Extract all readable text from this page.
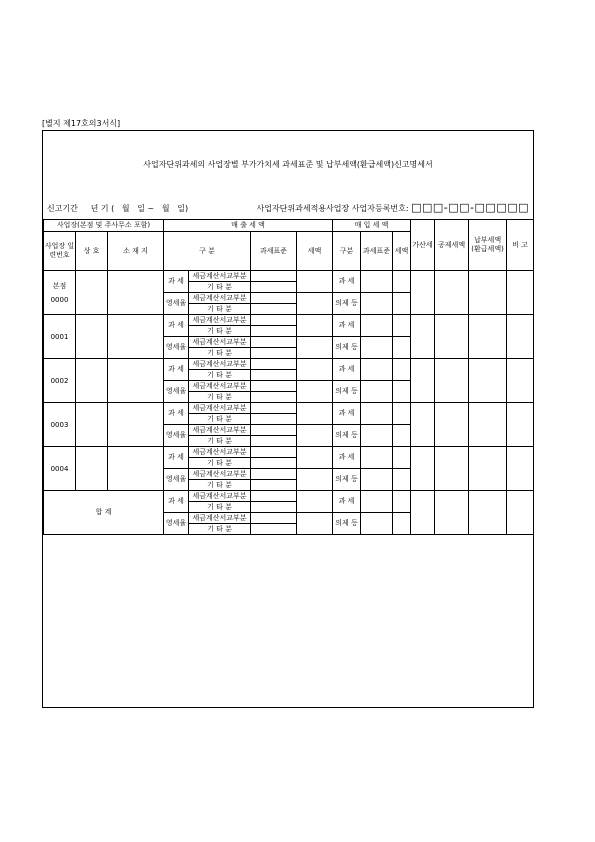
[별지 제17호의3서식]
사업자단위과세의 사업장별 부가가치세 과세표준 및 납부세액(환급세액)신고명세서
신고기간     년 기 (   월   일 ~   월   일)	사업자단위과세적용사업장 사업자등록번호: □□□-□□-□□□□□
사업장(본점 및 주사무소 포함)			매 출 세 액				매 입 세 액			가산세	공제세액	납부세액 (환급세액)	비 고
사업장 일련번호	상 호	소 재 지	구 분		과세표준	세액	구분	과세표준	세액				
본점 0000			과 세	세금계산서교부분			과 세						
				기 타 분									
			영세율	세금계산서교부분			의제 등						
				기 타 분									
0001			과 세	세금계산서교부분			과 세						
				기 타 분									
			영세율	세금계산서교부분			의제 등						
				기 타 분									
0002			과 세	세금계산서교부분			과 세						
				기 타 분									
			영세율	세금계산서교부분			의제 등						
				기 타 분									
0003			과 세	세금계산서교부분			과 세						
				기 타 분									
			영세율	세금계산서교부분			의제 등						
				기 타 분									
0004			과 세	세금계산서교부분			과 세						
				기 타 분									
			영세율	세금계산서교부분			의제 등						
				기 타 분									
합 계			과 세	세금계산서교부분			과 세						
				기 타 분									
			영세율	세금계산서교부분			의제 등						
				기 타 분									
